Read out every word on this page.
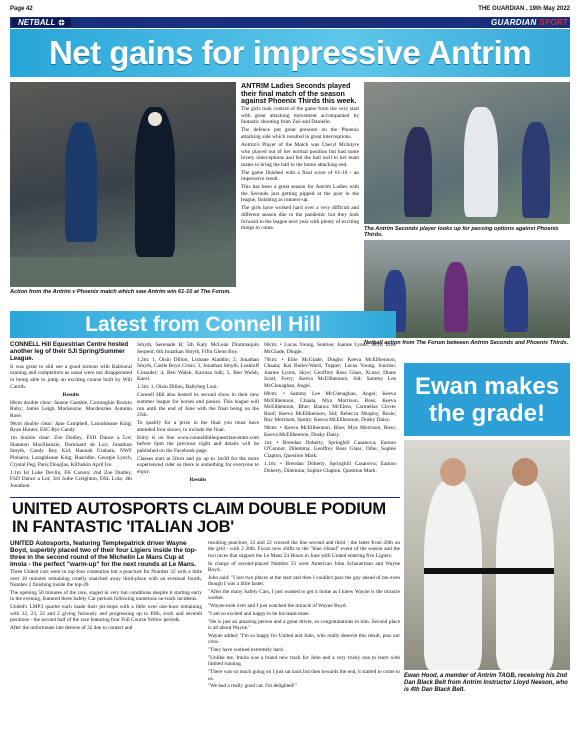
Page 42	THE GUARDIAN , 19th May 2022
NETBALL	GUARDIAN SPORT
Net gains for impressive Antrim
Action from the Antrim v Phoenix match which saw Antrim win 61-10 at The Forum.

ANTRIM Ladies Seconds played their final match of the season against Phoenix Thirds this week.

The girls took control of the game from the very start with great attacking movement accompanied by fantastic shooting from Zoë and Danielle.

The defence put great pressure on the Phoenix attacking side which resulted in great interceptions.

Antrim's Player of the Match was Cheryl McIntyre who played out of her normal position but had some lovely interceptions and fed the ball well to her team mates to bring the ball to the home attacking end.

The game finished with a final score of 61-10 - an impressive result.

This has been a great season for Antrim Ladies with the Seconds just getting pipped at the post in the league, finishing as runners-up.

The girls have worked hard over a very difficult and different season due to the pandemic but they look forward to the league next year with plenty of exciting things to come.	The Antrim Seconds player looks up for passing options against Phoenix Thirds.
Netball action from The Forum between Antrim Seconds and Phoenix Thirds.
Latest from Connell Hill

CONNELL Hill Equestrian Centre hosted another leg of their SJI Spring/Summer League.

It was great to still see a good turnout with Balmoral running and competitors as usual were not disappointed in being able to jump an exciting course built by Will Caruth.

Results

80cm double clear: Janene Gamble, Corranghin Rockin Ruby; Jamie Leigh Mackenzie, Macdenzies Autumn Rose.

90cm double clear: Jane Campbell, Laurahleane King; Ryan Hunter, ESC Rye Candy.

1m double clear: Zoe Dudley, FSD Dance a Lot; Shannon MacIlkenzie, Dominant de Lux; Jonathon Smyth, Candy Boy Kid; Hannah Graham, NWF Pinbarra; Laraghleane King; Ruaridhe, Georgie Lynch, Crystal Peg; Paris Douglas, Kilfuskin April Ice.

1.1m Ist Luke Devlin, FK Carson; 2nd Zoe Dudley, FSD Dance a Lot; 3rd Jodie Creighton, DSL Lola; 4th Jonathon

Smyth, Serenade B; 5th Katy McLean Drumnaquin Serpent; 6th Jonathan Smyth, Fifin Glenn Boy.

1.2m: 1, Oisin Dillon, Lisbane Aladdin; 2, Jonathan Smyth, Castle Boyo Crisis; 3, Jonathan Smyth, Lusktuff Crusader; 4, Ben Walsh, Karrasa tulk; 5, Ben Walsh, Karel.

1.3m: 1, Oisin Dillon, Ballybeg Loui.

Connell Hill also hosted its second show in their new summer league for horses and ponies. This league will run until the end of June with the final being on the 25th.

To qualify for a prize in the final you must have attended four shows, to include the final.

Entry is on line www.connellhillequestriancentre.com before 6pm the previous night and details will be published on the Facebook page.

Classes start at 50cm and go up to 1m30 for the more experienced rider so there is something for everyone to enjoy.

Results

60cm: • Lucas Young, Sunrise; Joanne Lyons, Skye; Ellie McGlade, Dingle.

70cm: • Ellie McGlade, Dingle; Keeva McEllhennon, Chaala; Kat Butler-Ward, Topper; Lucas Young, Sunrise; Joanne Lyons, Skye; Geoffrey Ross Glass, Xcuse; Diane Scott, Ferry; Keeva McEllhennon, Sid; Sammy Lee McClenaghan, Angel.

80cm: • Sammy Lee McClenaghan, Angel; Keeva McEllhennon, Chaala, Mya Morrison, Ross; Keeva McEllhennon, Blue; Bianca McElrea, Carmellas Clover Roof; Keeva McEllhennon, Sid; Rebecca Murphy, Rosie; Roy Morrison, Spotty; Keeva McEllhennon, Dusky Daisy.

90cm: • Keeva McEllhennon, Blue; Mya Morrison, Ross; Keeva McEllhennon, Dusky Daisy.

1m: • Brendan Doherty, Springhill Casanova; Eamon O'Connor, Dilemma; Geoffrey Ross Glass, Ollie; Sophie Clapton, Question Mark.

1.1m: • Brendan Doherty, Springhill Casanova; Eamon Doherty, Dilemma; Sophie Clapton, Question Mark.

Ewan makes
the grade!
Ewan Hood, a member of Antrim TAGB, receiving his 2nd Dan Black Belt from Antrim Instructor Lloyd Neeson, who is 4th Dan Black Belt.
UNITED AUTOSPORTS CLAIM DOUBLE PODIUM IN FANTASTIC 'ITALIAN JOB'

UNITED Autosports, featuring Templepatrick driver Wayne Boyd, superbly placed two of their four Ligiers inside the top-three in the second round of the Michelin Le Mans Cup at Imola - the perfect "warm-up" for the next rounds at Le Mans.

Three United cars were in top-four contention but a puncture for Number 32 with a little over 10 minutes remaining cruelly snatched away third-place with an eventual fourth, Number 2 finishing inside the top-20.

The opening 50 minutes of the race, staged in very hot conditions despite it starting early in the evening, featured three Safety Car periods following numerous on-track incidents.

United's LMP3 quartet each made their pit-stops with a little over one-hour remaining with 32, 23, 22 and 2 giving furiously and progressing up to fifth, sixth and seventh positions - the second half of the race featuring four Full Course Yellow periods.

After the unfortunate late demise of 32 due to contact and

resulting puncture, 23 and 22 crossed the line second and third - the latter from 20th on the grid - with 2 20th. Focus now shifts to the "blue riband" event of the season and the two races that support the Le Mans 24 Hours in June with United entering five Ligiers.

In charge of second-placed Number 23 were American John Schauerman and Wayne Boyd.

John said: "I lost two places at the start and then I couldn't pass the guy ahead of me even though I was a little faster.

"After the many Safety Cars, I just wanted to get it home as I knew Wayne is the miracle worker.

"Wayne took over and I just watched the miracle of Wayne Boyd.

"I am so excited and happy to be his team-mate.

"He is just an amazing person and a great driver, so congratulations to him. Second place is all about Wayne."

Wayne added: "I'm so happy for United and John, who really deserve this result, plus our crew.

"They have worked extremely hard.

"Unlike me, Imola was a brand new track for John and a very tricky one to learn with limited running.

"There was so much going on I just sat back but then towards the end, it started to come to us.

"We had a really good car. I'm delighted!"
